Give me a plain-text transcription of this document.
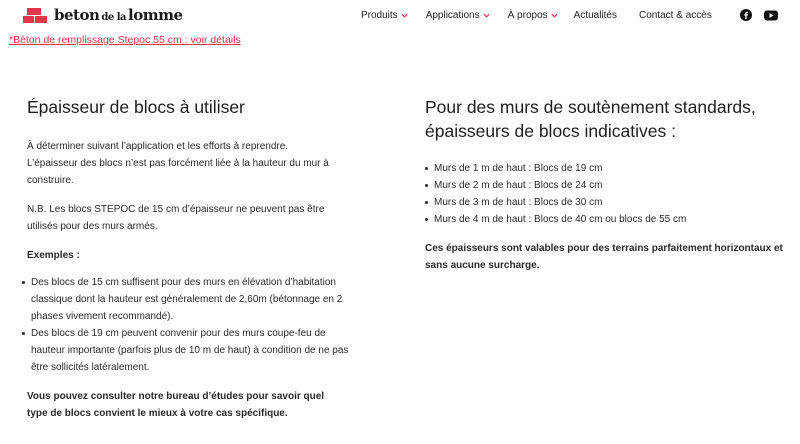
beton de la lomme	Produits	Applications	À propos	Actualités Contact & accès
*Béton de remplissage Stepoc 55 cm : voir détails
Épaisseur de blocs à utiliser

À déterminer suivant l’application et les efforts à reprendre.
L’épaisseur des blocs n’est pas forcément liée à la hauteur du mur à construire.

N.B. Les blocs STEPOC de 15 cm d’épaisseur ne peuvent pas être utilisés pour des murs armés.

Exemples :

Des blocs de 15 cm suffisent pour des murs en élévation d’habitation classique dont la hauteur est généralement de 2,60m (bétonnage en 2 phases vivement recommandé).
Des blocs de 19 cm peuvent convenir pour des murs coupe-feu de hauteur importante (parfois plus de 10 m de haut) à condition de ne pas être sollicités latéralement.

Vous pouvez consulter notre bureau d’études pour savoir quel type de blocs convient le mieux à votre cas spécifique.

Pour des murs de soutènement standards, épaisseurs de blocs indicatives :
Murs de 1 m de haut : Blocs de 19 cm
Murs de 2 m de haut : Blocs de 24 cm
Murs de 3 m de haut : Blocs de 30 cm
Murs de 4 m de haut : Blocs de 40 cm ou blocs de 55 cm

Ces épaisseurs sont valables pour des terrains parfaitement horizontaux et sans aucune surcharge.
